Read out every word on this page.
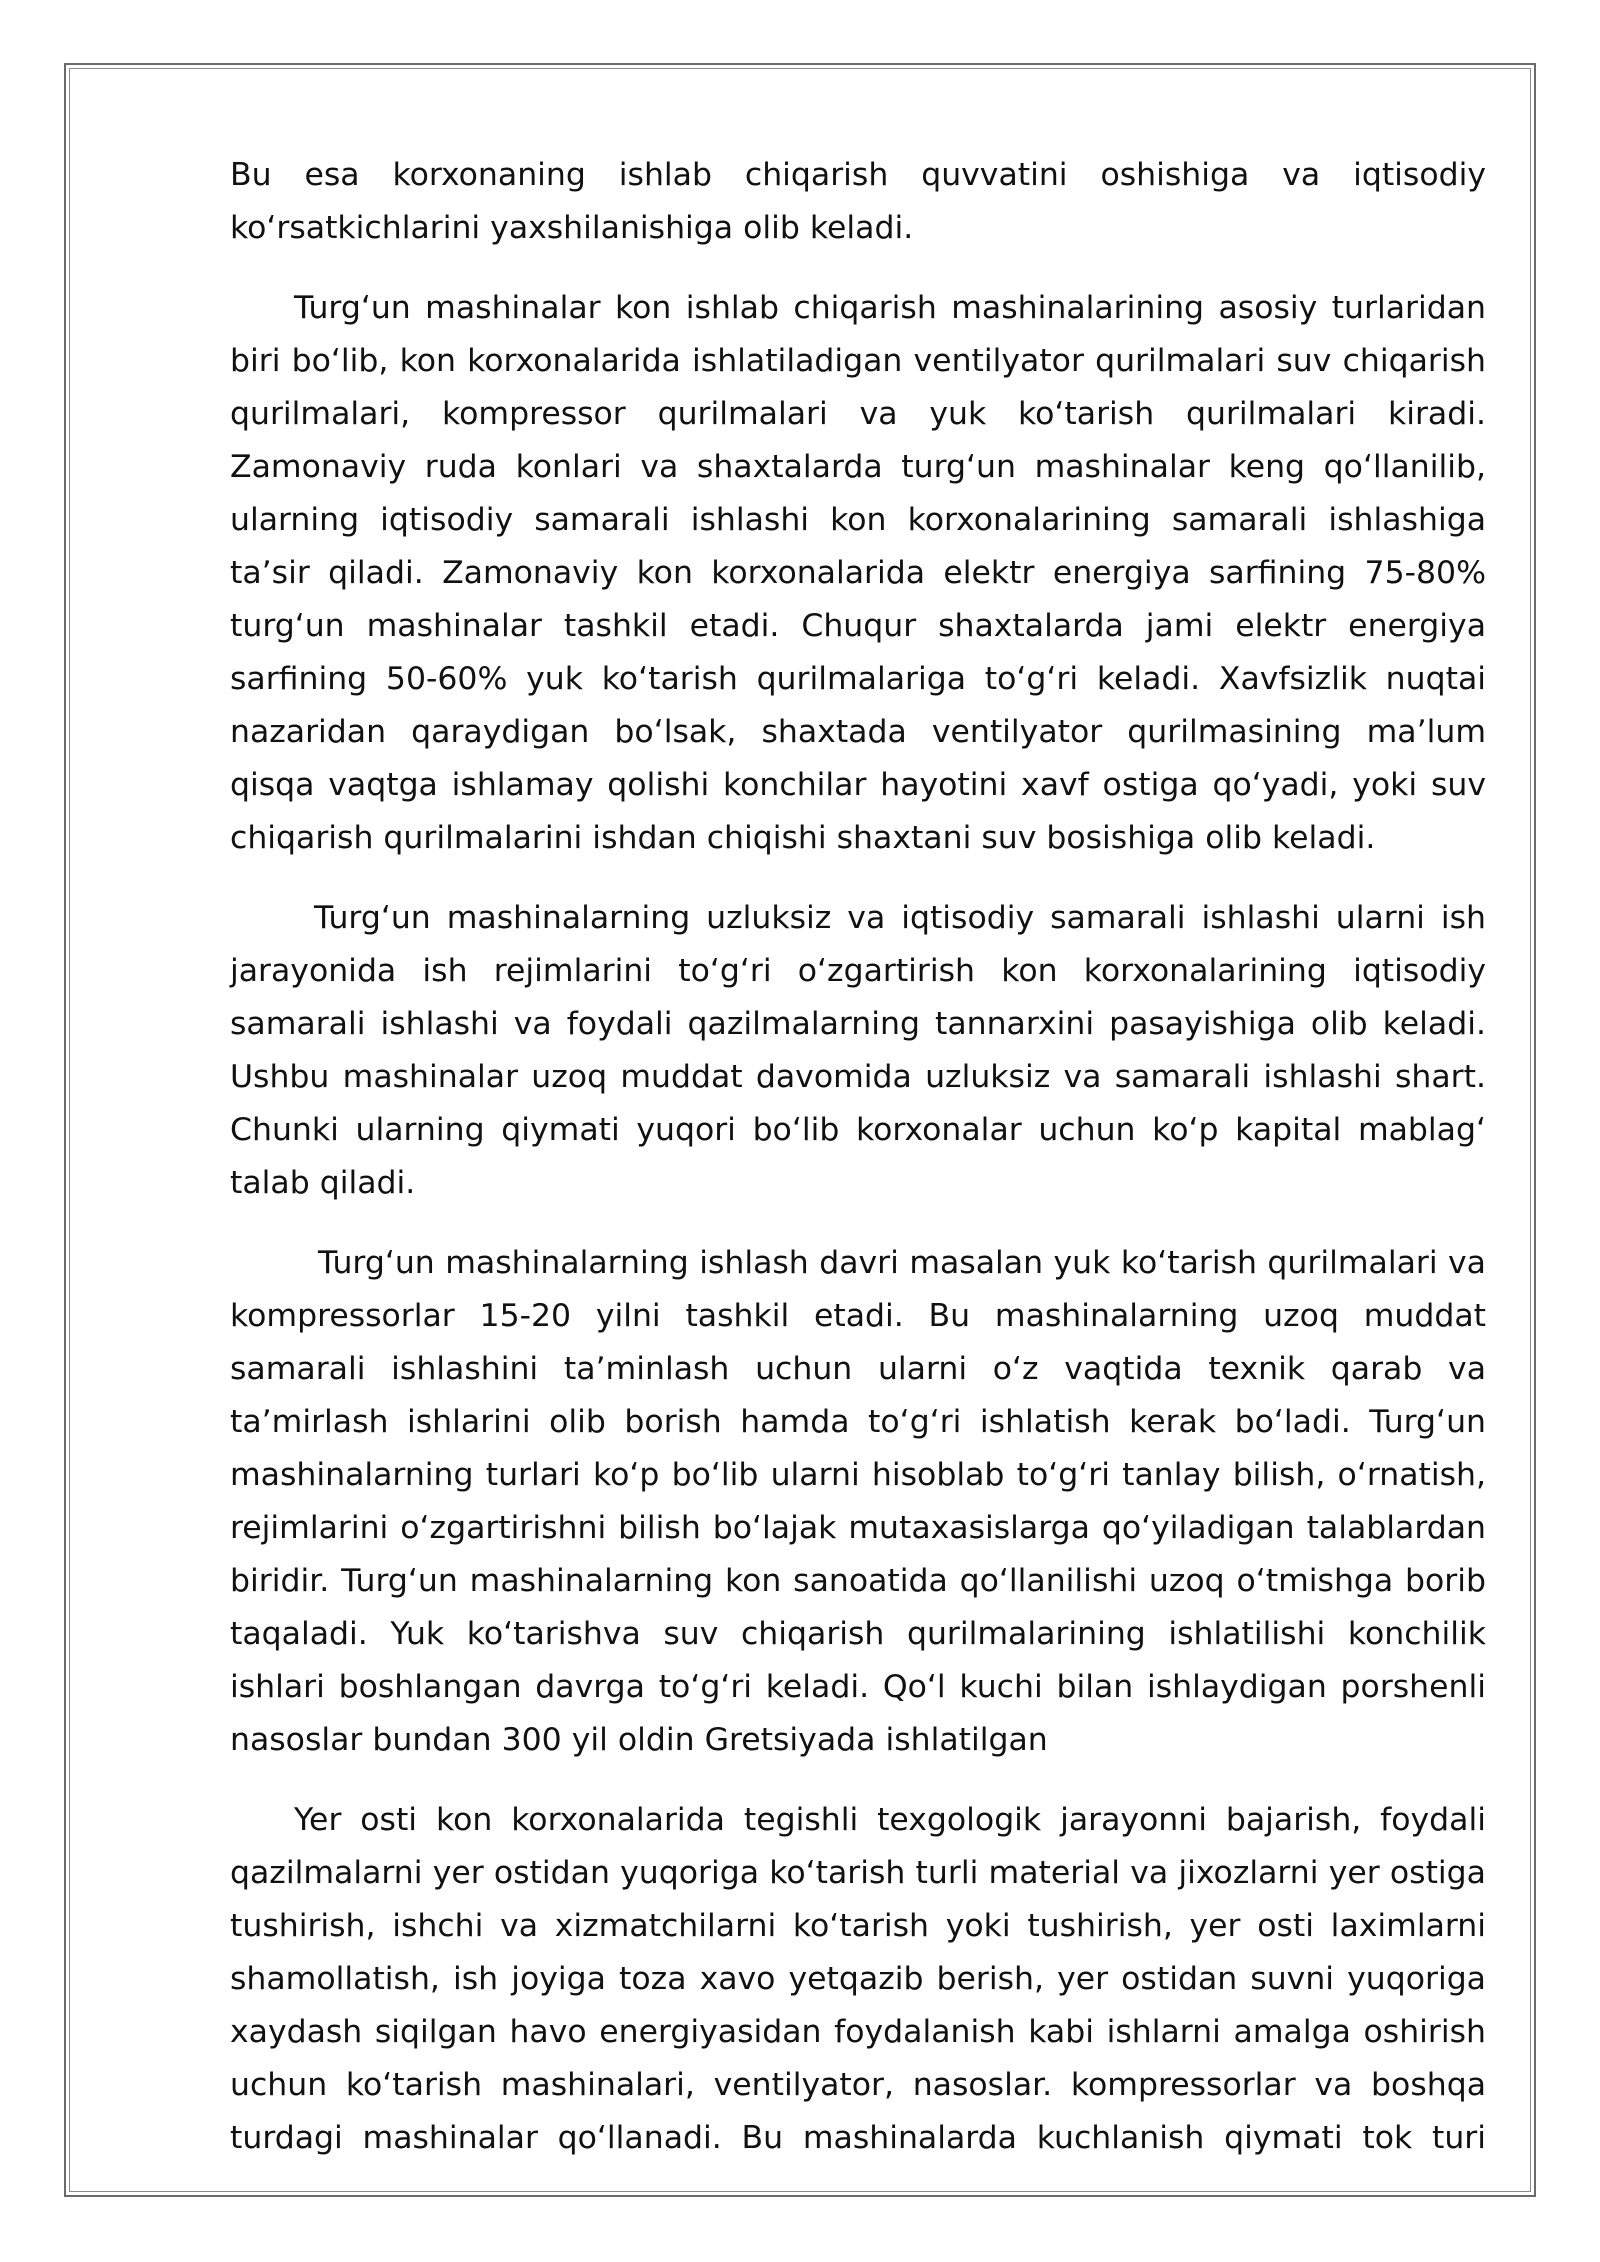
Bu esa korxonaning ishlab chiqarish quvvatini oshishiga va iqtisodiy ko‘rsatkichlarini yaxshilanishiga olib keladi.

Turg‘un mashinalar kon ishlab chiqarish mashinalarining asosiy turlaridan biri bo‘lib, kon korxonalarida ishlatiladigan ventilyator qurilmalari suv chiqarish qurilmalari, kompressor qurilmalari va yuk ko‘tarish qurilmalari kiradi. Zamonaviy ruda konlari va shaxtalarda turg‘un mashinalar keng qo‘llanilib, ularning iqtisodiy samarali ishlashi kon korxonalarining samarali ishlashiga ta’sir qiladi. Zamonaviy kon korxonalarida elektr energiya sarfining 75-80% turg‘un mashinalar tashkil etadi. Chuqur shaxtalarda jami elektr energiya sarfining 50-60% yuk ko‘tarish qurilmalariga to‘g‘ri keladi. Xavfsizlik nuqtai nazaridan qaraydigan bo‘lsak, shaxtada ventilyator qurilmasining ma’lum qisqa vaqtga ishlamay qolishi konchilar hayotini xavf ostiga qo‘yadi, yoki suv chiqarish qurilmalarini ishdan chiqishi shaxtani suv bosishiga olib keladi.

Turg‘un mashinalarning uzluksiz va iqtisodiy samarali ishlashi ularni ish jarayonida ish rejimlarini to‘g‘ri o‘zgartirish kon korxonalarining iqtisodiy samarali ishlashi va foydali qazilmalarning tannarxini pasayishiga olib keladi. Ushbu mashinalar uzoq muddat davomida uzluksiz va samarali ishlashi shart. Chunki ularning qiymati yuqori bo‘lib korxonalar uchun ko‘p kapital mablag‘ talab qiladi.

Turg‘un mashinalarning ishlash davri masalan yuk ko‘tarish qurilmalari va kompressorlar 15-20 yilni tashkil etadi. Bu mashinalarning uzoq muddat samarali ishlashini ta’minlash uchun ularni o‘z vaqtida texnik qarab va ta’mirlash ishlarini olib borish hamda to‘g‘ri ishlatish kerak bo‘ladi. Turg‘un mashinalarning turlari ko‘p bo‘lib ularni hisoblab to‘g‘ri tanlay bilish, o‘rnatish, rejimlarini o‘zgartirishni bilish bo‘lajak mutaxasislarga qo‘yiladigan talablardan biridir. Turg‘un mashinalarning kon sanoatida qo‘llanilishi uzoq o‘tmishga borib taqaladi. Yuk ko‘tarishva suv chiqarish qurilmalarining ishlatilishi konchilik ishlari boshlangan davrga to‘g‘ri keladi. Qo‘l kuchi bilan ishlaydigan porshenli nasoslar bundan 300 yil oldin Gretsiyada ishlatilgan

Yer osti kon korxonalarida tegishli texgologik jarayonni bajarish, foydali qazilmalarni yer ostidan yuqoriga ko‘tarish turli material va jixozlarni yer ostiga tushirish, ishchi va xizmatchilarni ko‘tarish yoki tushirish, yer osti laximlarni shamollatish, ish joyiga toza xavo yetqazib berish, yer ostidan suvni yuqoriga xaydash siqilgan havo energiyasidan foydalanish kabi ishlarni amalga oshirish uchun ko‘tarish mashinalari, ventilyator, nasoslar. kompressorlar va boshqa turdagi mashinalar qo‘llanadi. Bu mashinalarda kuchlanish qiymati tok turi
